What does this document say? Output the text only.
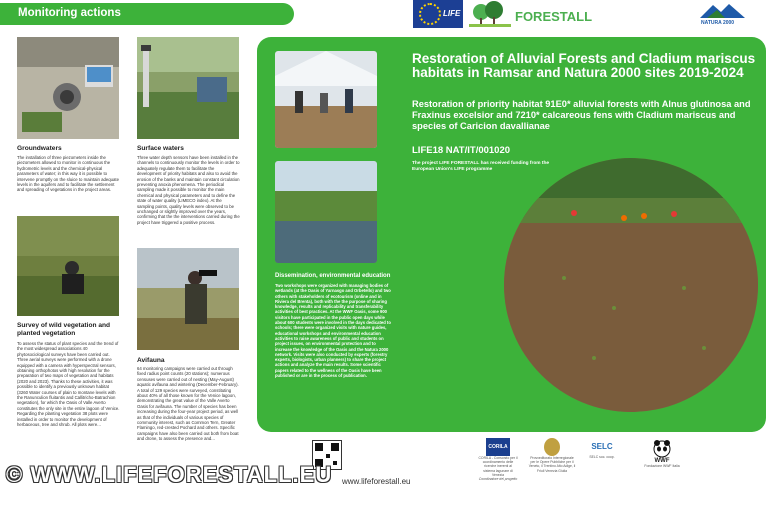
Monitoring actions	LIFE	FORESTALL	NATURA 2000
Groundwaters
The installation of three piezometers inside the piezometers allowed to monitor in continuous the hydrometric levels and the chemical-physical parameters of water; in this way it is possible to intervene promptly on the sluice to maintain adequate levels in the aquifers and to facilitate the settlement and spreading of vegetations in the project areas.
Survey of wild vegetation and planted vegetation
To assess the status of plant species and the trend of the most widespread associations 40 phytosociological surveys have been carried out. Three aerial surveys were performed with a drone equipped with a camera with hyperspectral sensors, obtaining orthophotos with high resolution for the preparation of two maps of vegetation and habitats (2020 and 2023). Thanks to these activities, it was possible to identify a previously unknown habitat (3260 Water courses of plain to montane levels with the Ranunculion fluitantis and Callitricho-Batrachion vegetation), for which the Oasis of Valle Averto constitutes the only site in the entire lagoon of Venice. Regarding the planting vegetation 38 plots were installed in order to monitor the development of herbaceous, tree and shrub. All plots were...
Surface waters
Three water depth sensors have been installed in the channels to continuously monitor the levels in order to adequately regulate them to facilitate the development of priority habitats and also to avoid the erosion of the banks and maintain constant circulation preventing anoxia phenomena. The periodical sampling made it possible to monitor the main chemical and physical parameters and to define the state of water quality (LIMECO index). At the sampling points, quality levels were observed to be unchanged or slightly improved over the years, confirming that the the interventions carried during the project have triggered a positive process.
Avifauna
64 monitoring campaigns were carried out through fixed radius point counts (20 stations); numerous censuses were carried out of nesting (May-August) aquatic avifauna and wintering (December-February). A total of 129 species were surveyed, constituting about 40% of all those known for the Venice lagoon, demonstrating the great value of the Valle Averto Oasis for avifauna. The number of species has been increasing during the four-year project period, as well as that of the individuals of various species of community interest, such as Common Tern, Greater Flamingo, red-crested Pochard and others. Specific campaigns have also been carried out both from boat and drone, to assess the presence and...
Restoration of Alluvial Forests and Cladium mariscus habitats in Ramsar and Natura 2000 sites 2019-2024
Restoration of priority habitat 91E0* alluvial forests with Alnus glutinosa and Fraxinus excelsior and 7210* calcareous fens with Cladium mariscus and species of Caricion davallianae
LIFE18 NAT/IT/001020
The project LIFE FORESTALL has received funding from the European Union's LIFE programme
Dissemination, environmental education
Two workshops were organized with managing bodies of wetlands (at the Oasis of Yarnasgo and Orbetello) and two others with stakeholders of ecotourism (online and in Riviera del Brenta), both with the the purpose of sharing knowledge, results and replicability and transferability activities of best practices. At the WWF Oasis, some 900 visitors have participated in the public open days while about 600 students were involved in the days dedicated to schools; there were organized visits with nature guides, educational workshops and environmental education activities to raise awareness of public and students on project issues, on environmental protection and to increase the knowledge of the Oasis and the Natura 2000 network. Visits were also conducted by experts (forestry experts, biologists, urban planners) to share the project actions and analyze the main results. Some scientific papers related to the wellness of the Oasis have been published or are in the process of publication.
www.lifeforestall.eu
CORILA
CORILA - Consorzio per il coordinamento delle ricerche inerenti al sistema lagunare di Venezia
Coordinatore del progetto
Provveditorato Interregionale per le Opere Pubbliche per il Veneto, il Trentino Alto Adige, il Friuli Venezia Giulia
SELC
SELC soc. coop.
WWF
Fondazione WWF Italia
© WWW.LIFEFORESTALL.EU
